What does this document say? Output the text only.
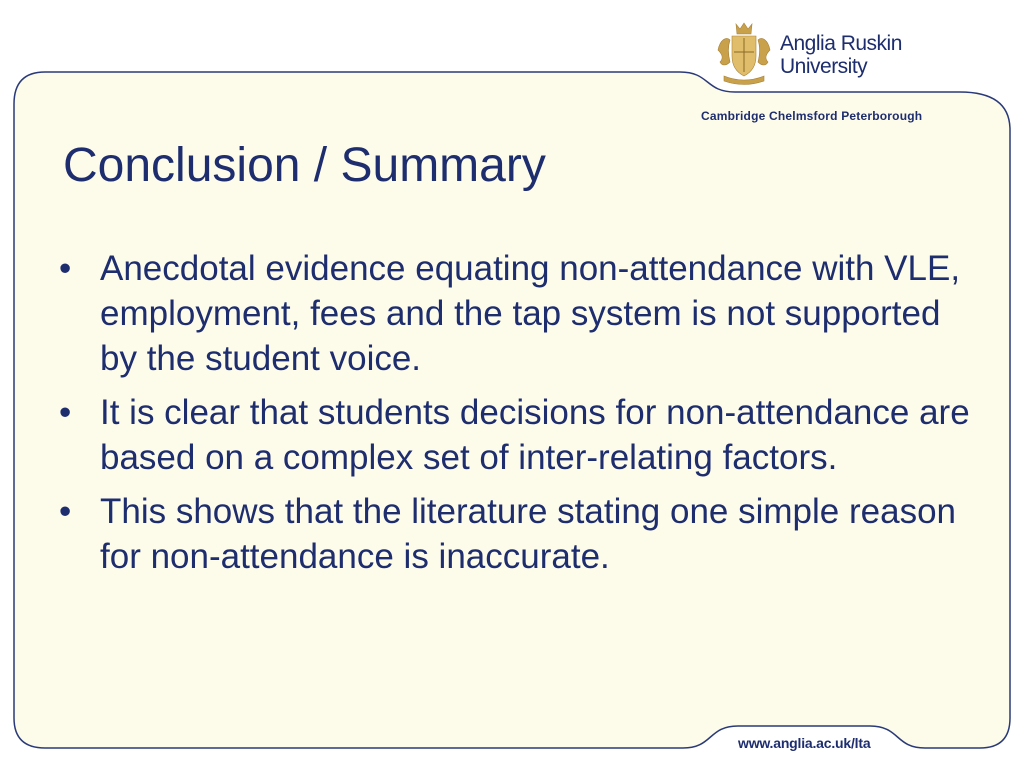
Anglia Ruskin
University
Cambridge Chelmsford Peterborough
Conclusion / Summary
• Anecdotal evidence equating non-attendance with VLE, employment, fees and the tap system is not supported by the student voice.
• It is clear that students decisions for non-attendance are based on a complex set of inter-relating factors.
• This shows that the literature stating one simple reason for non-attendance is inaccurate.
www.anglia.ac.uk/lta
